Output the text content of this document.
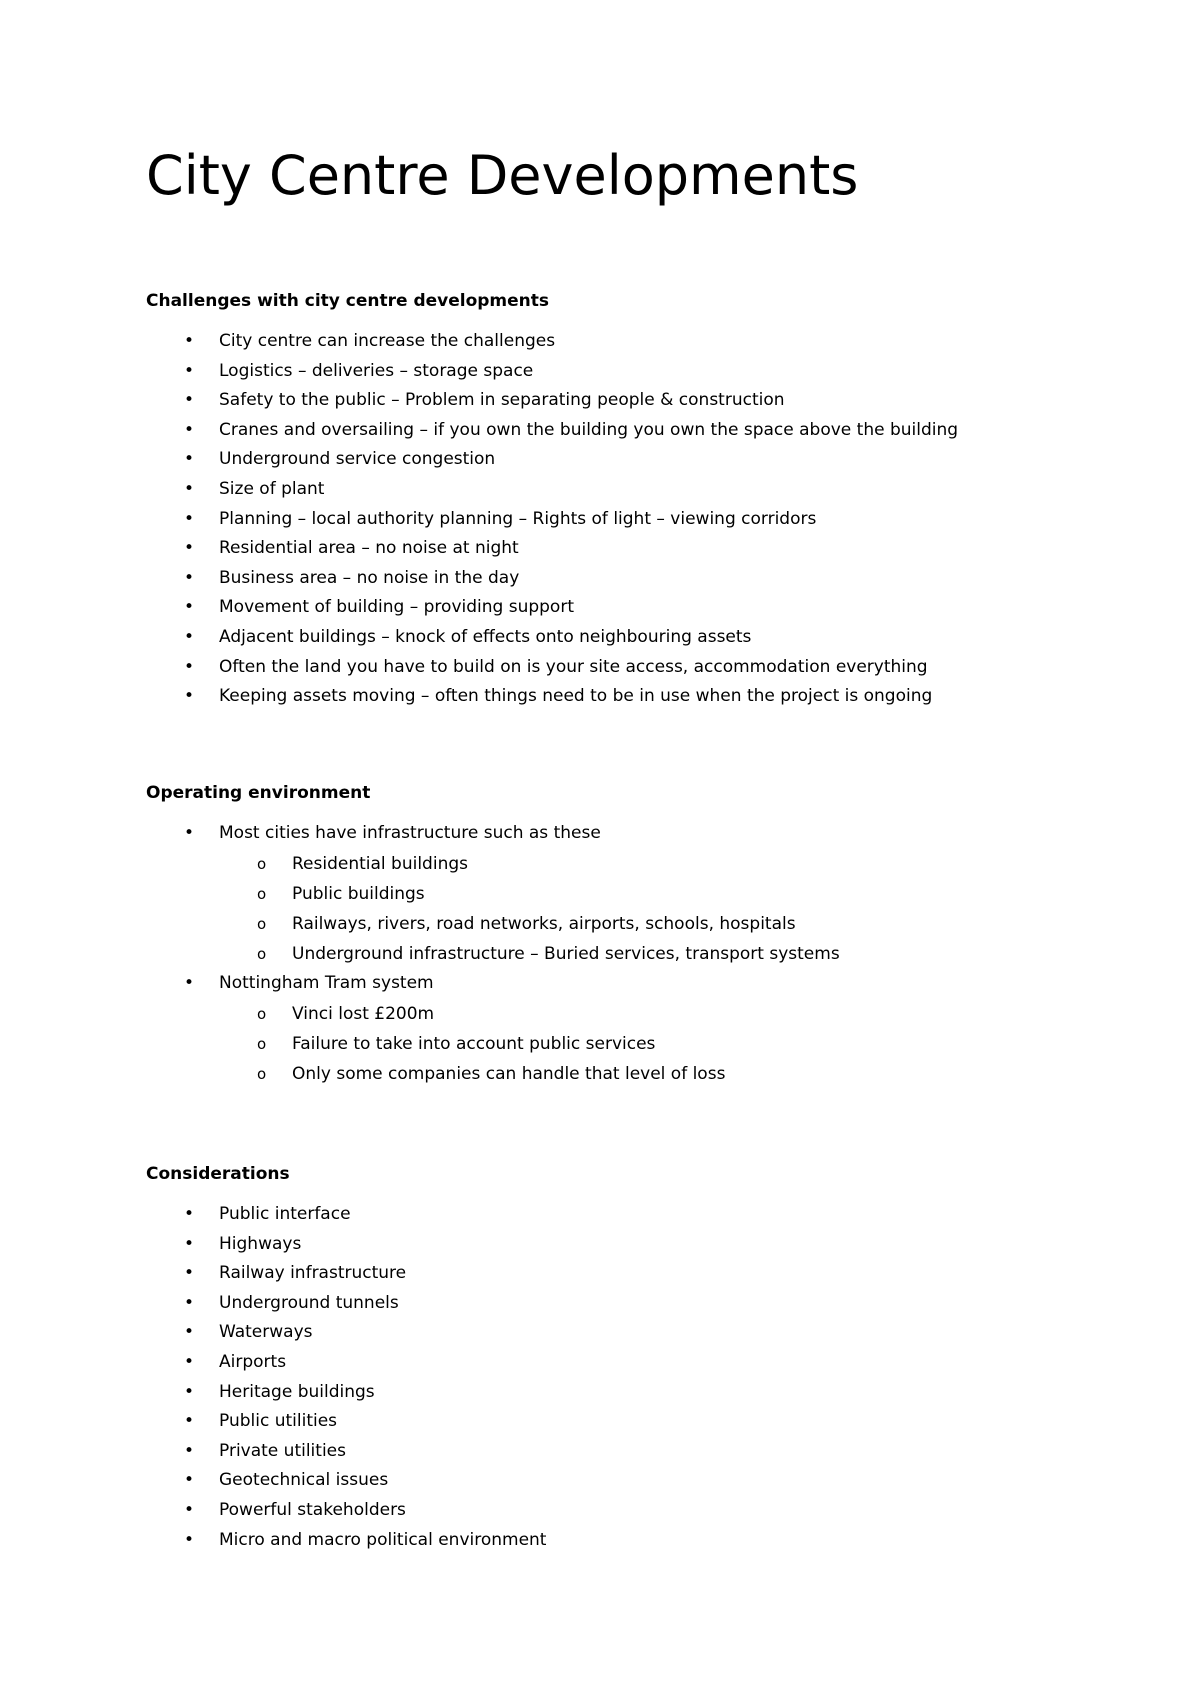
City Centre Developments
Challenges with city centre developments
• City centre can increase the challenges
• Logistics – deliveries – storage space
• Safety to the public – Problem in separating people & construction
• Cranes and oversailing – if you own the building you own the space above the building
• Underground service congestion
• Size of plant
• Planning – local authority planning – Rights of light – viewing corridors
• Residential area – no noise at night
• Business area – no noise in the day
• Movement of building – providing support
• Adjacent buildings – knock of effects onto neighbouring assets
• Often the land you have to build on is your site access, accommodation everything
• Keeping assets moving – often things need to be in use when the project is ongoing
Operating environment
• Most cities have infrastructure such as these
o Residential buildings
o Public buildings
o Railways, rivers, road networks, airports, schools, hospitals
o Underground infrastructure – Buried services, transport systems
• Nottingham Tram system
o Vinci lost £200m
o Failure to take into account public services
o Only some companies can handle that level of loss
Considerations
• Public interface
• Highways
• Railway infrastructure
• Underground tunnels
• Waterways
• Airports
• Heritage buildings
• Public utilities
• Private utilities
• Geotechnical issues
• Powerful stakeholders
• Micro and macro political environment
